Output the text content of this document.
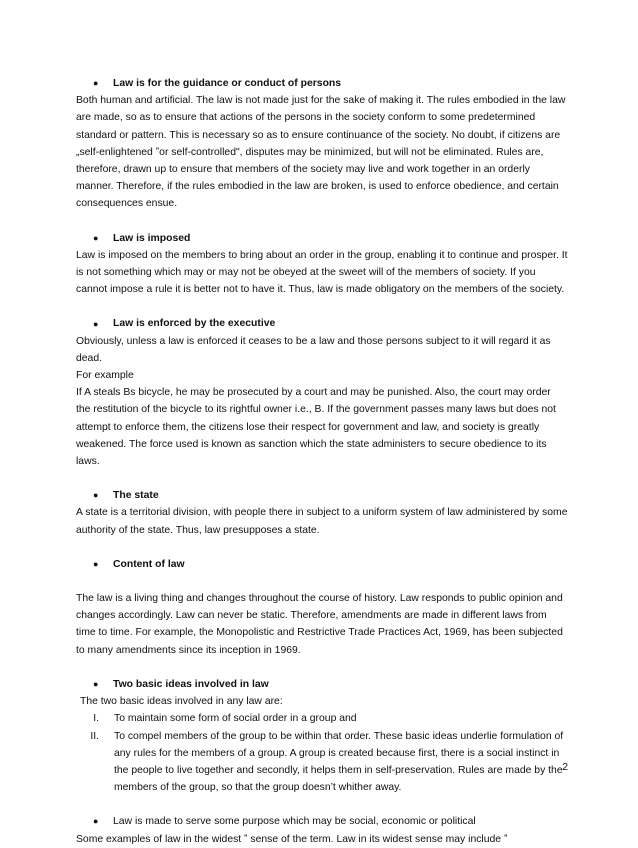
●	Law is for the guidance or conduct of persons

Both human and artificial. The law is not made just for the sake of making it. The rules embodied in the law are made, so as to ensure that actions of the persons in the society conform to some predetermined standard or pattern. This is necessary so as to ensure continuance of the society. No doubt, if citizens are „self-enlightened ˮor self-controlled", disputes may be minimized, but will not be eliminated. Rules are, therefore, drawn up to ensure that members of the society may live and work together in an orderly manner. Therefore, if the rules embodied in the law are broken, is used to enforce obedience, and certain consequences ensue.

●	Law is imposed

Law is imposed on the members to bring about an order in the group, enabling it to continue and prosper. It is not something which may or may not be obeyed at the sweet will of the members of society. If you cannot impose a rule it is better not to have it. Thus, law is made obligatory on the members of the society.

●	Law is enforced by the executive

Obviously, unless a law is enforced it ceases to be a law and those persons subject to it will regard it as dead.

For example

If A steals Bs bicycle, he may be prosecuted by a court and may be punished. Also, the court may order the restitution of the bicycle to its rightful owner i.e., B. If the government passes many laws but does not attempt to enforce them, the citizens lose their respect for government and law, and society is greatly weakened. The force used is known as sanction which the state administers to secure obedience to its laws.

●	The state

A state is a territorial division, with people there in subject to a uniform system of law administered by some authority of the state. Thus, law presupposes a state.

●	Content of law

The law is a living thing and changes throughout the course of history. Law responds to public opinion and changes accordingly. Law can never be static. Therefore, amendments are made in different laws from time to time. For example, the Monopolistic and Restrictive Trade Practices Act, 1969, has been subjected to many amendments since its inception in 1969.

●	Two basic ideas involved in law

The two basic ideas involved in any law are:

I.	To maintain some form of social order in a group and
II.	To compel members of the group to be within that order. These basic ideas underlie formulation of any rules for the members of a group. A group is created because first, there is a social instinct in the people to live together and secondly, it helps them in self-preservation. Rules are made by the members of the group, so that the group doesn’t whither away.
●	Law is made to serve some purpose which may be social, economic or political

Some examples of law in the widest ˮ sense of the term. Law in its widest sense may include ˮ

2
